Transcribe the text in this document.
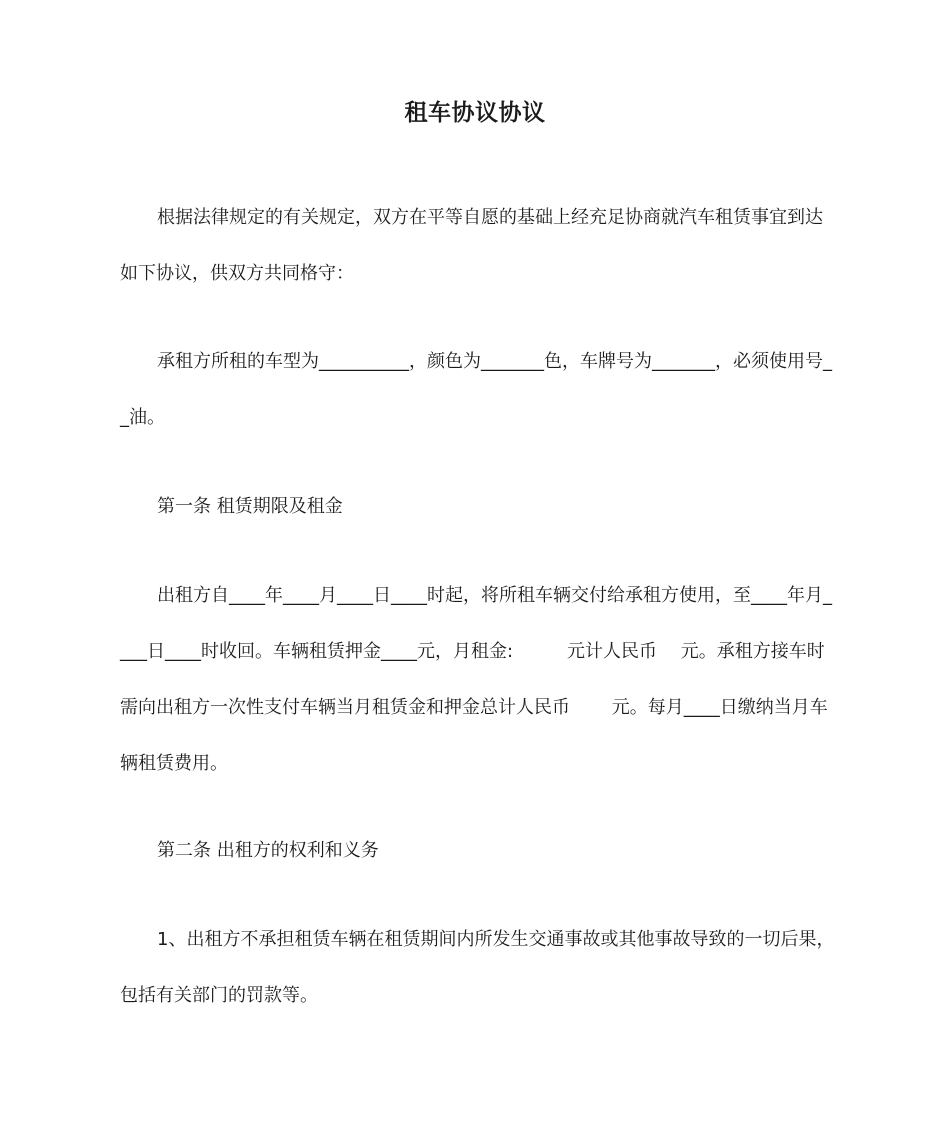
租车协议协议

根据法律规定的有关规定，双方在平等自愿的基础上经充足协商就汽车租赁事宜到达如下协议，供双方共同格守：

承租方所租的车型为__________，颜色为_______色，车牌号为_______，必须使用号__油。

第一条 租赁期限及租金

出租方自____年____月____日____时起，将所租车辆交付给承租方使用，至____年月____日____时收回。车辆租赁押金____元，月租金:　　　元计人民币　 元。承租方接车时需向出租方一次性支付车辆当月租赁金和押金总计人民币　　 元。每月____日缴纳当月车辆租赁费用。

第二条 出租方的权利和义务

1、出租方不承担租赁车辆在租赁期间内所发生交通事故或其他事故导致的一切后果，包括有关部门的罚款等。
